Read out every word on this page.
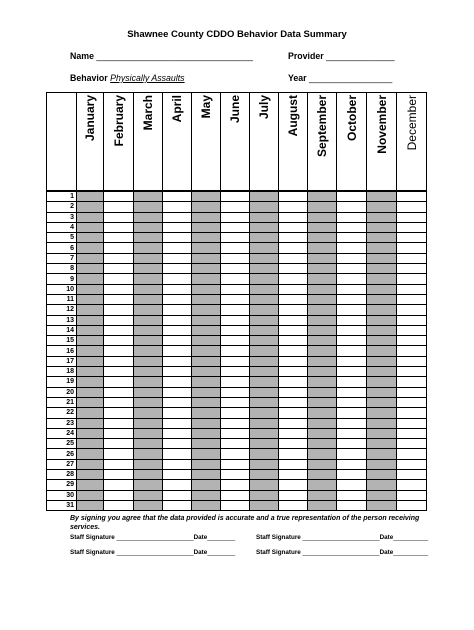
Shawnee County CDDO Behavior Data Summary
Name ________________________________	Provider ______________
Behavior Physically Assaults	Year _________________

	January	February	March	April	May	June	July	August	September	October	November	December

1												
2												
3												
4												
5												
6												
7												
8												
9												
10												
11												
12												
13												
14												
15												
16												
17												
18												
19												
20												
21												
22												
23												
24												
25												
26												
27												
28												
29												
30												
31												
By signing you agree that the data provided is accurate and a true representation of the person receiving services.
Staff Signature ______________________Date________	Staff Signature ______________________Date__________
Staff Signature ______________________Date________	Staff Signature ______________________Date__________
